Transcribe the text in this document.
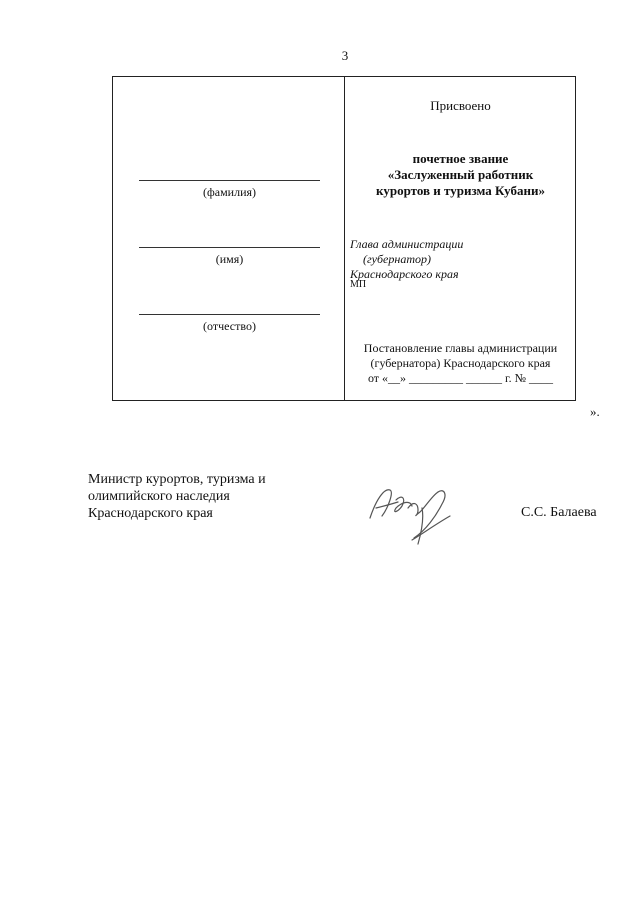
3
(фамилия)
(имя)
(отчество)
Присвоено
почетное звание
«Заслуженный работник
курортов и туризма Кубани»
Глава администрации
(губернатор)
Краснодарского края
МП
Постановление главы администрации
(губернатора) Краснодарского края
от «__» _________ ______ г. № ____
».
Министр курортов, туризма и
олимпийского наследия
Краснодарского края	С.С. Балаева
